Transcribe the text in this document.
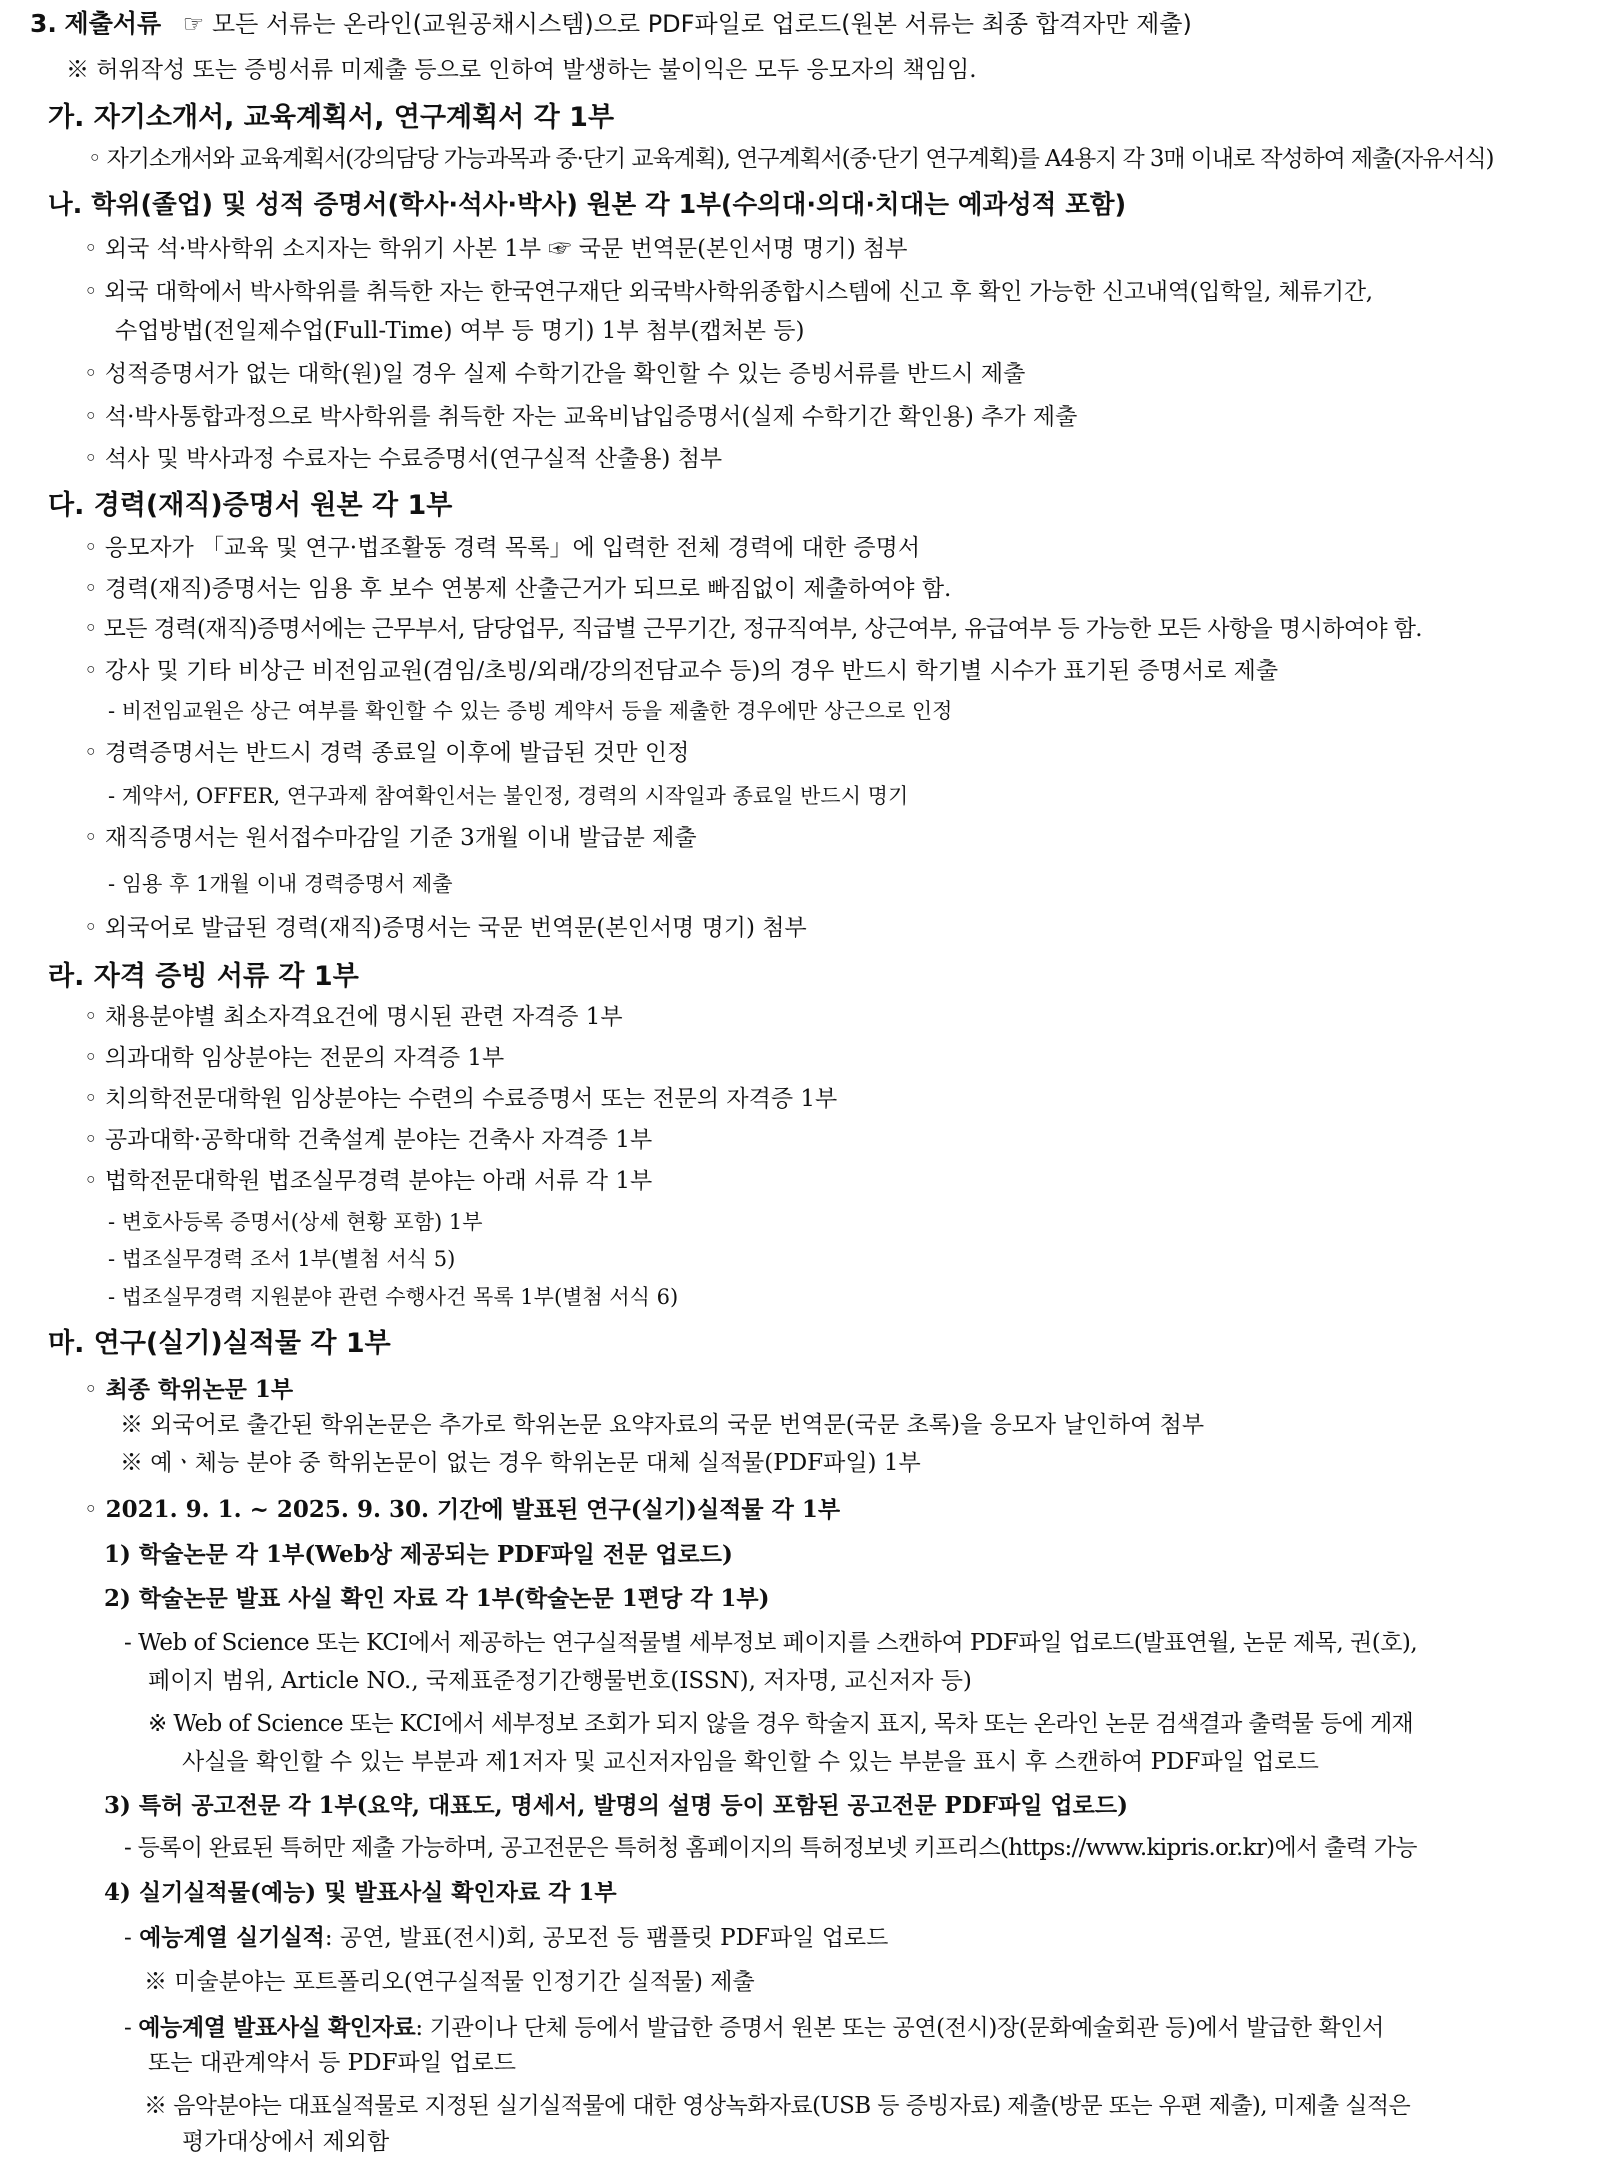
3. 제출서류 ☞ 모든 서류는 온라인(교원공채시스템)으로 PDF파일로 업로드(원본 서류는 최종 합격자만 제출)
※ 허위작성 또는 증빙서류 미제출 등으로 인하여 발생하는 불이익은 모두 응모자의 책임임.
가. 자기소개서, 교육계획서, 연구계획서 각 1부
◦ 자기소개서와 교육계획서(강의담당 가능과목과 중·단기 교육계획), 연구계획서(중·단기 연구계획)를 A4용지 각 3매 이내로 작성하여 제출(자유서식)
나. 학위(졸업) 및 성적 증명서(학사·석사·박사) 원본 각 1부(수의대·의대·치대는 예과성적 포함)
◦ 외국 석·박사학위 소지자는 학위기 사본 1부 ☞ 국문 번역문(본인서명 명기) 첨부
◦ 외국 대학에서 박사학위를 취득한 자는 한국연구재단 외국박사학위종합시스템에 신고 후 확인 가능한 신고내역(입학일, 체류기간,
수업방법(전일제수업(Full-Time) 여부 등 명기) 1부 첨부(캡처본 등)
◦ 성적증명서가 없는 대학(원)일 경우 실제 수학기간을 확인할 수 있는 증빙서류를 반드시 제출
◦ 석·박사통합과정으로 박사학위를 취득한 자는 교육비납입증명서(실제 수학기간 확인용) 추가 제출
◦ 석사 및 박사과정 수료자는 수료증명서(연구실적 산출용) 첨부
다. 경력(재직)증명서 원본 각 1부
◦ 응모자가 「교육 및 연구·법조활동 경력 목록」에 입력한 전체 경력에 대한 증명서
◦ 경력(재직)증명서는 임용 후 보수 연봉제 산출근거가 되므로 빠짐없이 제출하여야 함.
◦ 모든 경력(재직)증명서에는 근무부서, 담당업무, 직급별 근무기간, 정규직여부, 상근여부, 유급여부 등 가능한 모든 사항을 명시하여야 함.
◦ 강사 및 기타 비상근 비전임교원(겸임/초빙/외래/강의전담교수 등)의 경우 반드시 학기별 시수가 표기된 증명서로 제출
- 비전임교원은 상근 여부를 확인할 수 있는 증빙 계약서 등을 제출한 경우에만 상근으로 인정
◦ 경력증명서는 반드시 경력 종료일 이후에 발급된 것만 인정
- 계약서, OFFER, 연구과제 참여확인서는 불인정, 경력의 시작일과 종료일 반드시 명기
◦ 재직증명서는 원서접수마감일 기준 3개월 이내 발급분 제출
- 임용 후 1개월 이내 경력증명서 제출
◦ 외국어로 발급된 경력(재직)증명서는 국문 번역문(본인서명 명기) 첨부
라. 자격 증빙 서류 각 1부
◦ 채용분야별 최소자격요건에 명시된 관련 자격증 1부
◦ 의과대학 임상분야는 전문의 자격증 1부
◦ 치의학전문대학원 임상분야는 수련의 수료증명서 또는 전문의 자격증 1부
◦ 공과대학·공학대학 건축설계 분야는 건축사 자격증 1부
◦ 법학전문대학원 법조실무경력 분야는 아래 서류 각 1부
- 변호사등록 증명서(상세 현황 포함) 1부
- 법조실무경력 조서 1부(별첨 서식 5)
- 법조실무경력 지원분야 관련 수행사건 목록 1부(별첨 서식 6)
마. 연구(실기)실적물 각 1부
◦ 최종 학위논문 1부
※ 외국어로 출간된 학위논문은 추가로 학위논문 요약자료의 국문 번역문(국문 초록)을 응모자 날인하여 첨부
※ 예ㆍ체능 분야 중 학위논문이 없는 경우 학위논문 대체 실적물(PDF파일) 1부
◦ 2021. 9. 1. ~ 2025. 9. 30. 기간에 발표된 연구(실기)실적물 각 1부
1) 학술논문 각 1부(Web상 제공되는 PDF파일 전문 업로드)
2) 학술논문 발표 사실 확인 자료 각 1부(학술논문 1편당 각 1부)
- Web of Science 또는 KCI에서 제공하는 연구실적물별 세부정보 페이지를 스캔하여 PDF파일 업로드(발표연월, 논문 제목, 권(호),
페이지 범위, Article NO., 국제표준정기간행물번호(ISSN), 저자명, 교신저자 등)
※ Web of Science 또는 KCI에서 세부정보 조회가 되지 않을 경우 학술지 표지, 목차 또는 온라인 논문 검색결과 출력물 등에 게재
사실을 확인할 수 있는 부분과 제1저자 및 교신저자임을 확인할 수 있는 부분을 표시 후 스캔하여 PDF파일 업로드
3) 특허 공고전문 각 1부(요약, 대표도, 명세서, 발명의 설명 등이 포함된 공고전문 PDF파일 업로드)
- 등록이 완료된 특허만 제출 가능하며, 공고전문은 특허청 홈페이지의 특허정보넷 키프리스(https://www.kipris.or.kr)에서 출력 가능
4) 실기실적물(예능) 및 발표사실 확인자료 각 1부
- 예능계열 실기실적: 공연, 발표(전시)회, 공모전 등 팸플릿 PDF파일 업로드
※ 미술분야는 포트폴리오(연구실적물 인정기간 실적물) 제출
- 예능계열 발표사실 확인자료: 기관이나 단체 등에서 발급한 증명서 원본 또는 공연(전시)장(문화예술회관 등)에서 발급한 확인서
또는 대관계약서 등 PDF파일 업로드
※ 음악분야는 대표실적물로 지정된 실기실적물에 대한 영상녹화자료(USB 등 증빙자료) 제출(방문 또는 우편 제출), 미제출 실적은
평가대상에서 제외함
